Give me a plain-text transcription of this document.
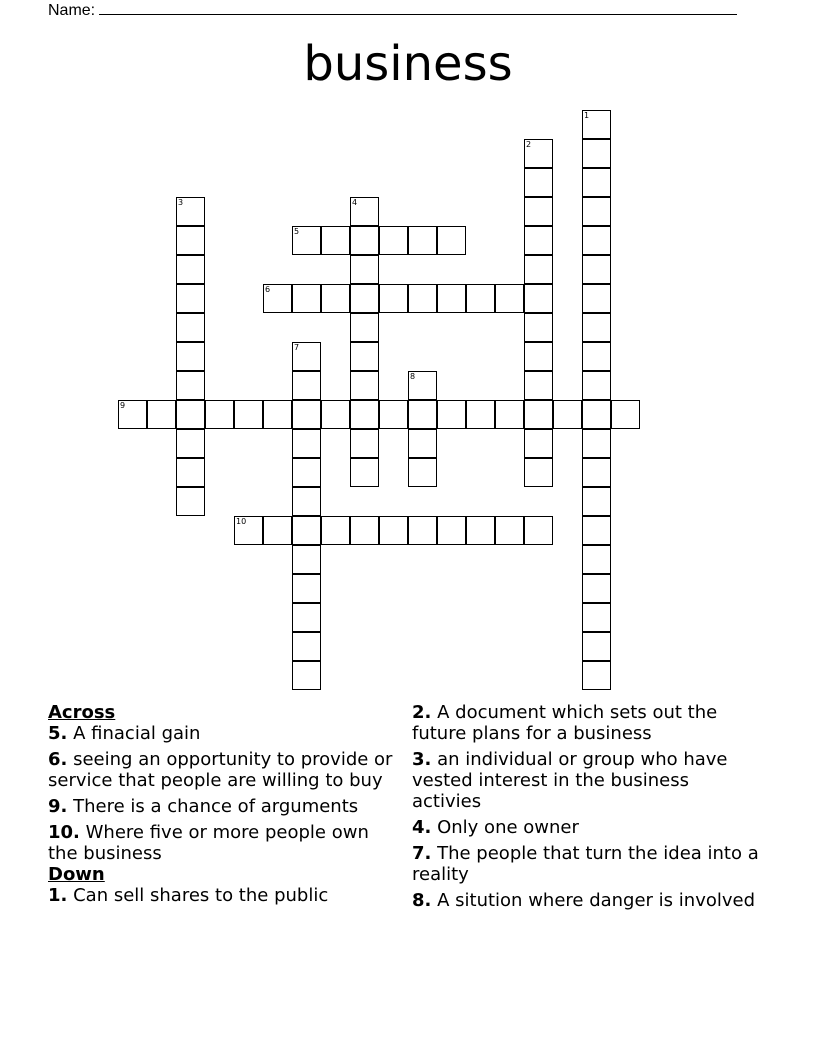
Name:
business
1
2
3	4
5
6
7
8
9
10

Across

5. A finacial gain

6. seeing an opportunity to provide or service that people are willing to buy

9. There is a chance of arguments

10. Where five or more people own the business

Down

1. Can sell shares to the public

2. A document which sets out the future plans for a business

3. an individual or group who have vested interest in the business activies

4. Only one owner

7. The people that turn the idea into a reality

8. A sitution where danger is involved
